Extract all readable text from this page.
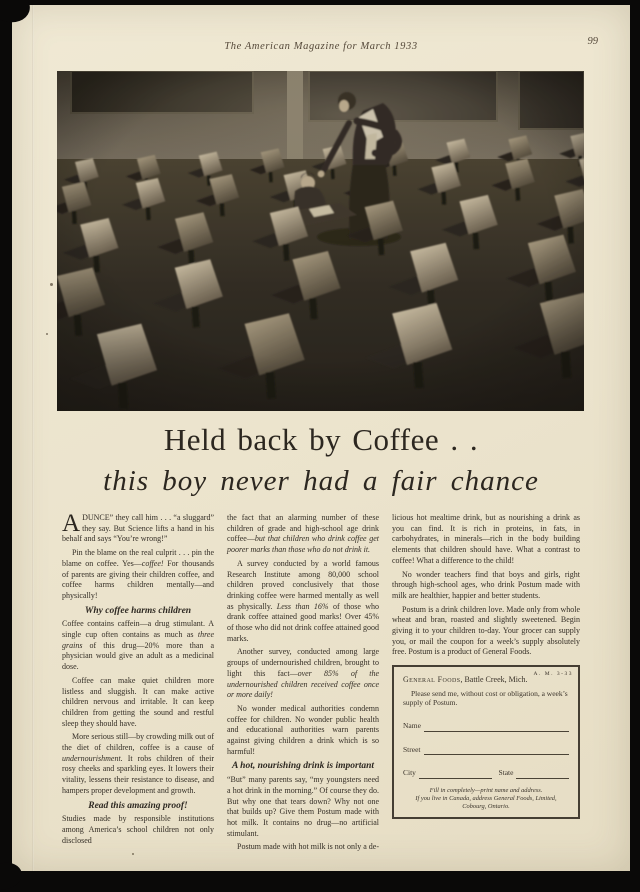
The American Magazine for March 1933	99
Held back by Coffee . .
this boy never had a fair chance

ADUNCE” they call him . . . “a sluggard” they say. But Science lifts a hand in his behalf and says “You’re wrong!”

Pin the blame on the real culprit . . . pin the blame on coffee. Yes—coffee! For thousands of parents are giving their children coffee, and coffee harms children mentally—and physically!

Why coffee harms children

Coffee contains caffein—a drug stimulant. A single cup often contains as much as three grains of this drug—20% more than a physician would give an adult as a medicinal dose.

Coffee can make quiet children more listless and sluggish. It can make active children nervous and irritable. It can keep children from getting the sound and restful sleep they should have.

More serious still—by crowding milk out of the diet of children, coffee is a cause of undernourishment. It robs children of their rosy cheeks and sparkling eyes. It lowers their vitality, lessens their resistance to disease, and hampers proper development and growth.

Read this amazing proof!

Studies made by responsible institutions among America’s school children not only disclosed

the fact that an alarming number of these children of grade and high-school age drink coffee—but that children who drink coffee get poorer marks than those who do not drink it.

A survey conducted by a world famous Research Institute among 80,000 school children proved conclusively that those drinking coffee were harmed mentally as well as physically. Less than 16% of those who drank coffee attained good marks! Over 45% of those who did not drink coffee attained good marks.

Another survey, conducted among large groups of undernourished children, brought to light this fact—over 85% of the undernourished children received coffee once or more daily!

No wonder medical authorities condemn coffee for children. No wonder public health and educational authorities warn parents against giving children a drink which is so harmful!

A hot, nourishing drink is important

“But” many parents say, “my youngsters need a hot drink in the morning.” Of course they do. But why one that tears down? Why not one that builds up? Give them Postum made with hot milk. It contains no drug—no artificial stimulant.

Postum made with hot milk is not only a de-

licious hot mealtime drink, but as nourishing a drink as you can find. It is rich in proteins, in fats, in carbohydrates, in minerals—rich in the body building elements that children should have. What a contrast to coffee! What a difference to the child!

No wonder teachers find that boys and girls, right through high-school ages, who drink Postum made with milk are healthier, happier and better students.

Postum is a drink children love. Made only from whole wheat and bran, roasted and slightly sweetened. Begin giving it to your children to-day. Your grocer can supply you, or mail the coupon for a week’s supply absolutely free. Postum is a product of General Foods.

A. M. 3-33

General Foods, Battle Creek, Mich.

Please send me, without cost or obligation, a week’s supply of Postum.

Name
Street
City	State
Fill in completely—print name and address.
If you live in Canada, address General Foods, Limited, Cobourg, Ontario.
